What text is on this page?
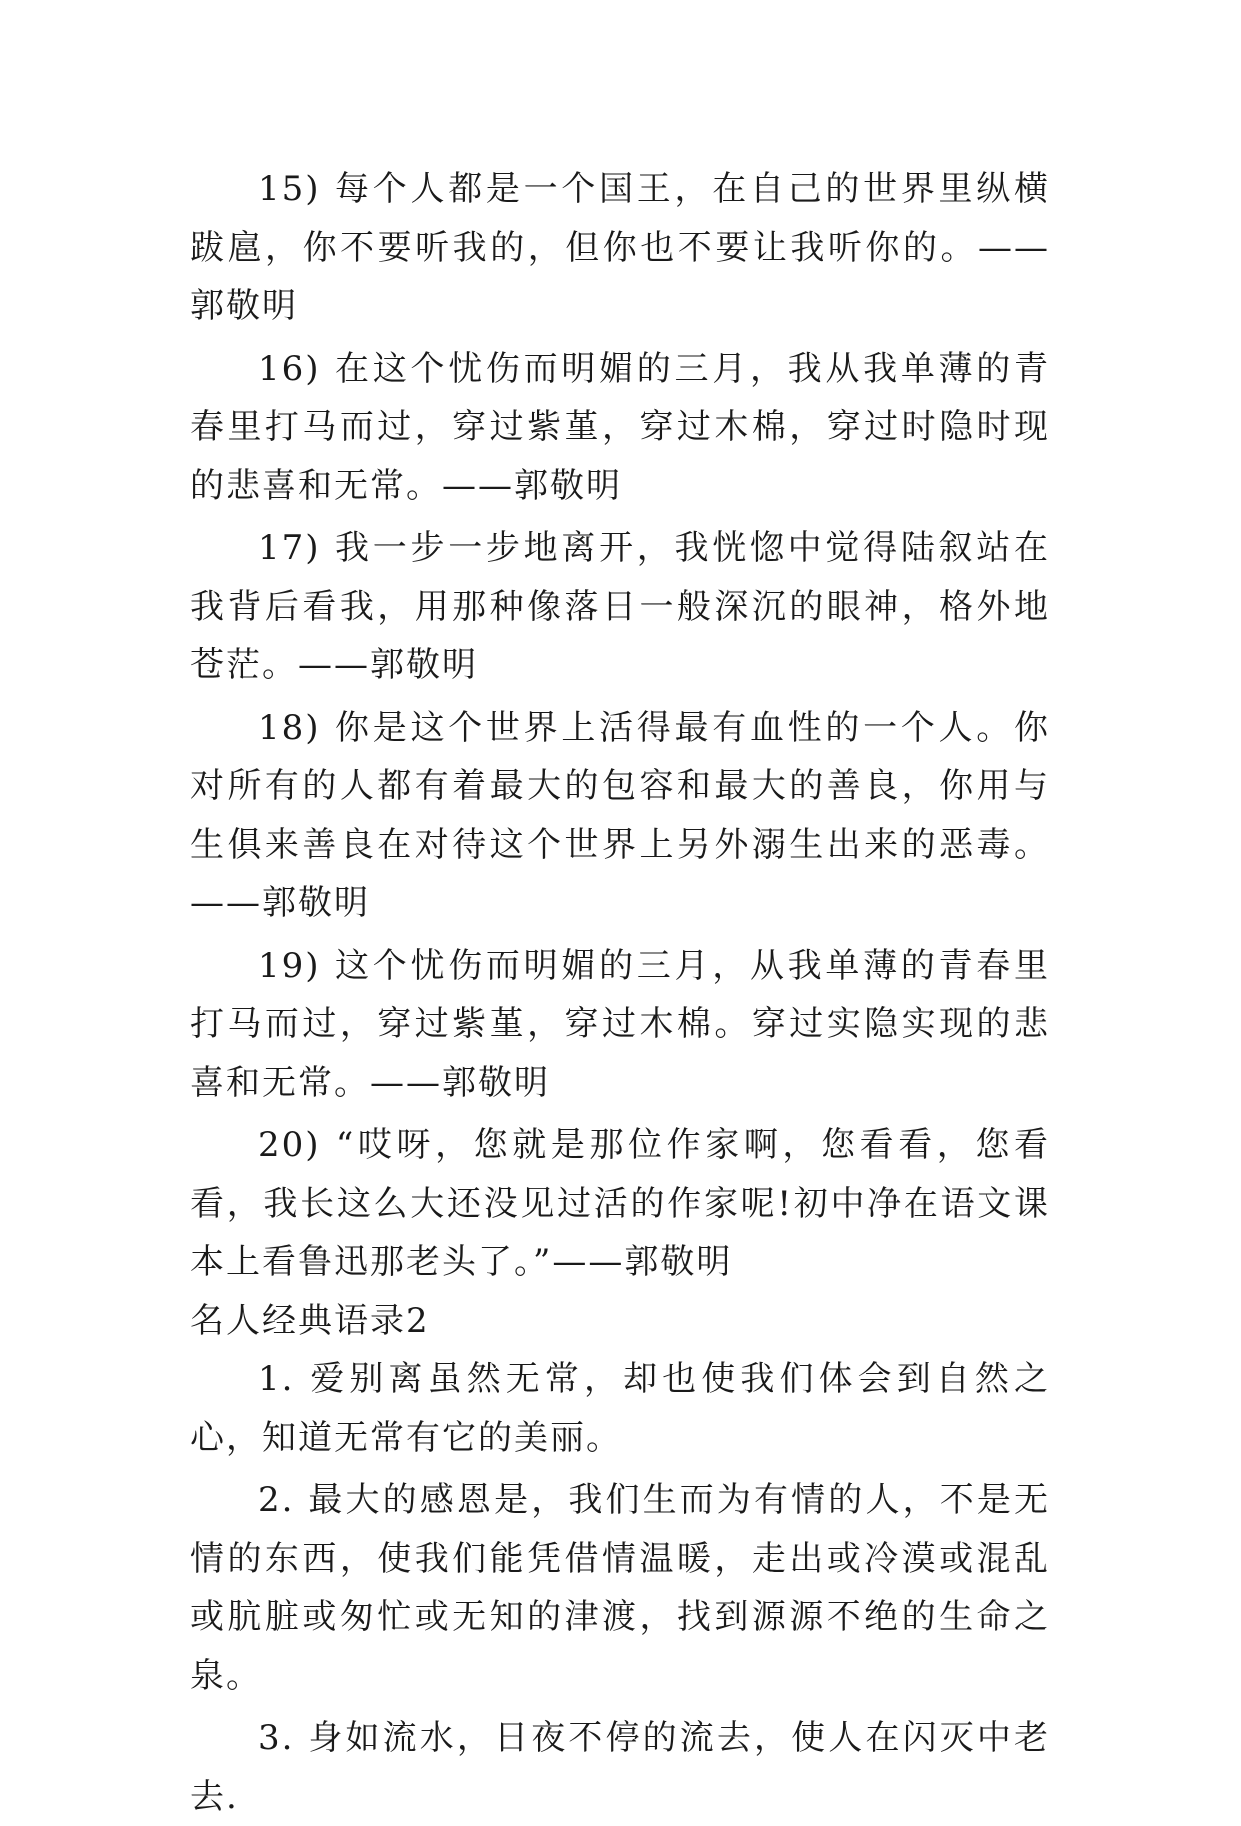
15) 每个人都是一个国王，在自己的世界里纵横跋扈，你不要听我的，但你也不要让我听你的。——郭敬明

16) 在这个忧伤而明媚的三月，我从我单薄的青春里打马而过，穿过紫堇，穿过木棉，穿过时隐时现的悲喜和无常。——郭敬明

17) 我一步一步地离开，我恍惚中觉得陆叙站在我背后看我，用那种像落日一般深沉的眼神，格外地苍茫。——郭敬明

18) 你是这个世界上活得最有血性的一个人。你对所有的人都有着最大的包容和最大的善良，你用与生俱来善良在对待这个世界上另外溺生出来的恶毒。——郭敬明

19) 这个忧伤而明媚的三月，从我单薄的青春里打马而过，穿过紫堇，穿过木棉。穿过实隐实现的悲喜和无常。——郭敬明

20) “哎呀，您就是那位作家啊，您看看，您看看，我长这么大还没见过活的作家呢!初中净在语文课本上看鲁迅那老头了。”——郭敬明

名人经典语录2

1. 爱别离虽然无常，却也使我们体会到自然之心，知道无常有它的美丽。

2. 最大的感恩是，我们生而为有情的人，不是无情的东西，使我们能凭借情温暖，走出或冷漠或混乱或肮脏或匆忙或无知的津渡，找到源源不绝的生命之泉。

3. 身如流水，日夜不停的流去，使人在闪灭中老去.
